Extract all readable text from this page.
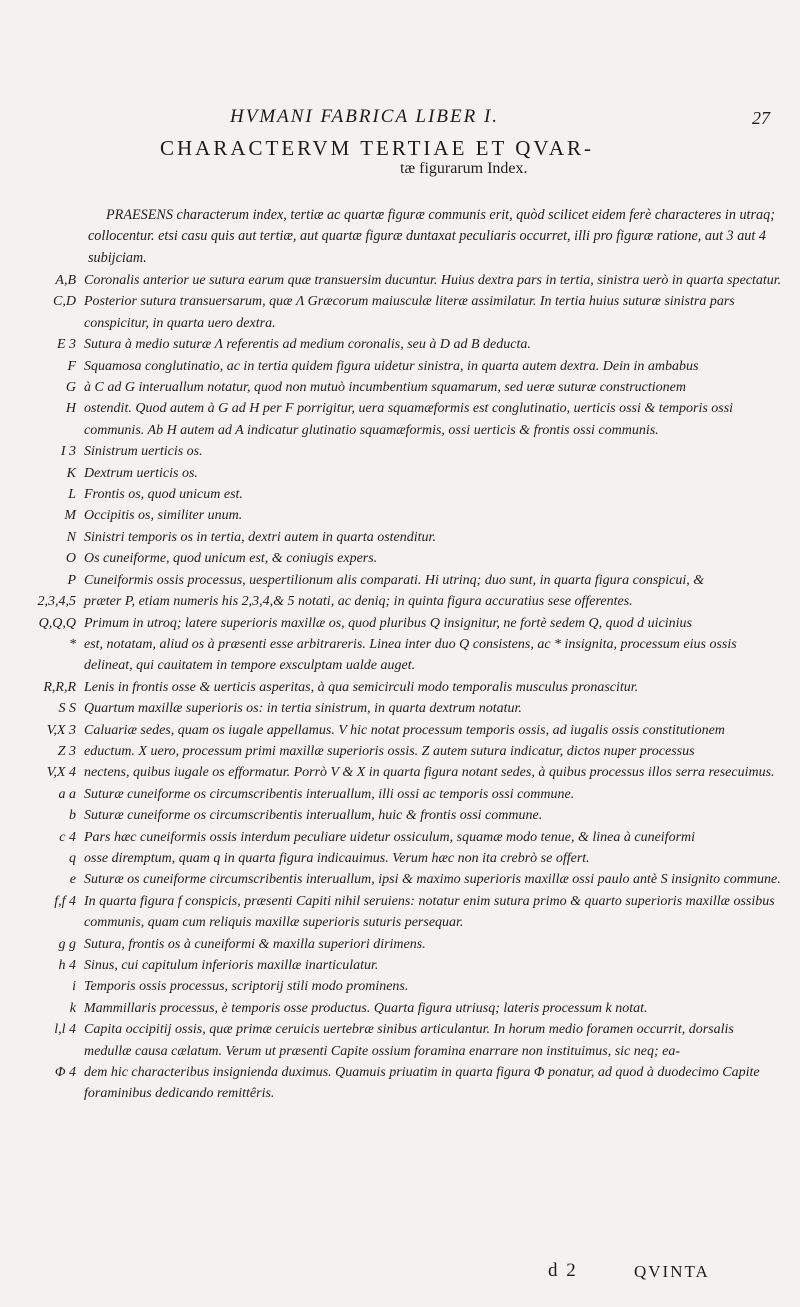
HVMANI FABRICA LIBER I.	27
CHARACTERVM TERTIAE ET QVAR-
tæ figurarum Index.

PRAESENS characterum index, tertiæ ac quartæ figuræ communis erit, quòd scilicet eidem ferè characteres in utraq; collocentur. etsi casu quis aut tertiæ, aut quartæ figuræ duntaxat peculiaris occurret, illi pro figuræ ratione, aut 3 aut 4 subijciam.

A,B Coronalis anterior ue sutura earum quæ transuersim ducuntur. Huius dextra pars in tertia, sinistra uerò in quarta spectatur.

C,D Posterior sutura transuersarum, quæ Λ Græcorum maiusculæ literæ assimilatur. In tertia huius suturæ sinistra pars conspicitur, in quarta uero dextra.

E 3 Sutura à medio suturæ Λ referentis ad medium coronalis, seu à D ad B deducta.

F Squamosa conglutinatio, ac in tertia quidem figura uidetur sinistra, in quarta autem dextra. Dein in ambabus

G à C ad G interuallum notatur, quod non mutuò incumbentium squamarum, sed ueræ suturæ constructionem

H ostendit. Quod autem à G ad H per F porrigitur, uera squamæformis est conglutinatio, uerticis ossi & temporis ossi communis. Ab H autem ad A indicatur glutinatio squamæformis, ossi uerticis & frontis ossi communis.

I 3 Sinistrum uerticis os.

K Dextrum uerticis os.

L Frontis os, quod unicum est.

M Occipitis os, similiter unum.

N Sinistri temporis os in tertia, dextri autem in quarta ostenditur.

O Os cuneiforme, quod unicum est, & coniugis expers.

P Cuneiformis ossis processus, uespertilionum alis comparati. Hi utrinq; duo sunt, in quarta figura conspicui, &

2,3,4,5 præter P, etiam numeris his 2,3,4,& 5 notati, ac deniq; in quinta figura accuratius sese offerentes.

Q,Q,Q Primum in utroq; latere superioris maxillæ os, quod pluribus Q insignitur, ne fortè sedem Q, quod d uicinius

* est, notatam, aliud os à præsenti esse arbitrareris. Linea inter duo Q consistens, ac * insignita, processum eius ossis delineat, qui cauitatem in tempore exsculptam ualde auget.

R,R,R Lenis in frontis osse & uerticis asperitas, à qua semicirculi modo temporalis musculus pronascitur.

S S Quartum maxillæ superioris os: in tertia sinistrum, in quarta dextrum notatur.

V,X 3 Caluariæ sedes, quam os iugale appellamus. V hic notat processum temporis ossis, ad iugalis ossis constitutionem

Z 3 eductum. X uero, processum primi maxillæ superioris ossis. Z autem sutura indicatur, dictos nuper processus

V,X 4 nectens, quibus iugale os efformatur. Porrò V & X in quarta figura notant sedes, à quibus processus illos serra resecuimus.

a a Suturæ cuneiforme os circumscribentis interuallum, illi ossi ac temporis ossi commune.

b Suturæ cuneiforme os circumscribentis interuallum, huic & frontis ossi commune.

c 4 Pars hæc cuneiformis ossis interdum peculiare uidetur ossiculum, squamæ modo tenue, & linea à cuneiformi

q osse diremptum, quam q in quarta figura indicauimus. Verum hæc non ita crebrò se offert.

e Suturæ os cuneiforme circumscribentis interuallum, ipsi & maximo superioris maxillæ ossi paulo antè S insignito commune.

f,f 4 In quarta figura f conspicis, præsenti Capiti nihil seruiens: notatur enim sutura primo & quarto superioris maxillæ ossibus communis, quam cum reliquis maxillæ superioris suturis persequar.

g g Sutura, frontis os à cuneiformi & maxilla superiori dirimens.

h 4 Sinus, cui capitulum inferioris maxillæ inarticulatur.

i Temporis ossis processus, scriptorij stili modo prominens.

k Mammillaris processus, è temporis osse productus. Quarta figura utriusq; lateris processum k notat.

l,l 4 Capita occipitij ossis, quæ primæ ceruicis uertebræ sinibus articulantur. In horum medio foramen occurrit, dorsalis medullæ causa cælatum. Verum ut præsenti Capite ossium foramina enarrare non instituimus, sic neq; ea-

Φ 4 dem hic characteribus insignienda duximus. Quamuis priuatim in quarta figura Φ ponatur, ad quod à duodecimo Capite foraminibus dedicando remittêris.

d 2	QVINTA
